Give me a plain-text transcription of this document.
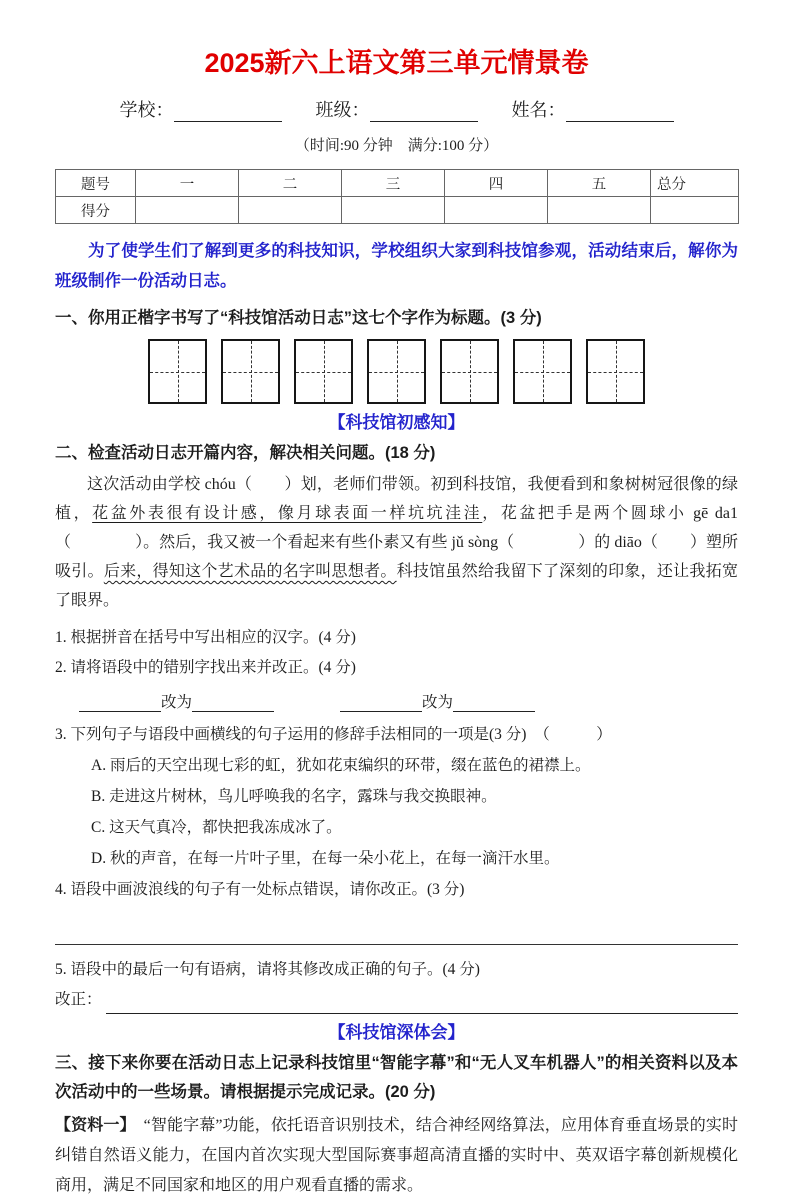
2025新六上语文第三单元情景卷
学校：	班级：	姓名：
（时间:90 分钟　满分:100 分）
题号	一	二	三	四	五	总分
得分						
为了使学生们了解到更多的科技知识，学校组织大家到科技馆参观，活动结束后，解你为班级制作一份活动日志。
一、你用正楷字书写了“科技馆活动日志”这七个字作为标题。(3 分)
【科技馆初感知】
二、检查活动日志开篇内容，解决相关问题。(18 分)
这次活动由学校 chóu（　　）划，老师们带领。初到科技馆，我便看到和象树树冠很像的绿植，花盆外表很有设计感，像月球表面一样坑坑洼洼，花盆把手是两个圆球小 gē da1（　　　　）。然后，我又被一个看起来有些仆素又有些 jǔ sòng（　　　　）的 diāo（　　）塑所吸引。后来，得知这个艺术品的名字叫思想者。科技馆虽然给我留下了深刻的印象，还让我拓宽了眼界。
1. 根据拼音在括号中写出相应的汉字。(4 分)
2. 请将语段中的错别字找出来并改正。(4 分)
改为	改为
3. 下列句子与语段中画横线的句子运用的修辞手法相同的一项是(3 分)　（　　　）
A. 雨后的天空出现七彩的虹，犹如花束编织的环带，缀在蓝色的裙襟上。
B. 走进这片树林，鸟儿呼唤我的名字，露珠与我交换眼神。
C. 这天气真冷，都快把我冻成冰了。
D. 秋的声音，在每一片叶子里，在每一朵小花上，在每一滴汗水里。
4. 语段中画波浪线的句子有一处标点错误，请你改正。(3 分)
5. 语段中的最后一句有语病，请将其修改成正确的句子。(4 分)
改正：
【科技馆深体会】
三、接下来你要在活动日志上记录科技馆里“智能字幕”和“无人叉车机器人”的相关资料以及本次活动中的一些场景。请根据提示完成记录。(20 分)
【资料一】　“智能字幕”功能，依托语音识别技术，结合神经网络算法，应用体育垂直场景的实时纠错自然语义能力，在国内首次实现大型国际赛事超高清直播的实时中、英双语字幕创新规模化商用，满足不同国家和地区的用户观看直播的需求。
